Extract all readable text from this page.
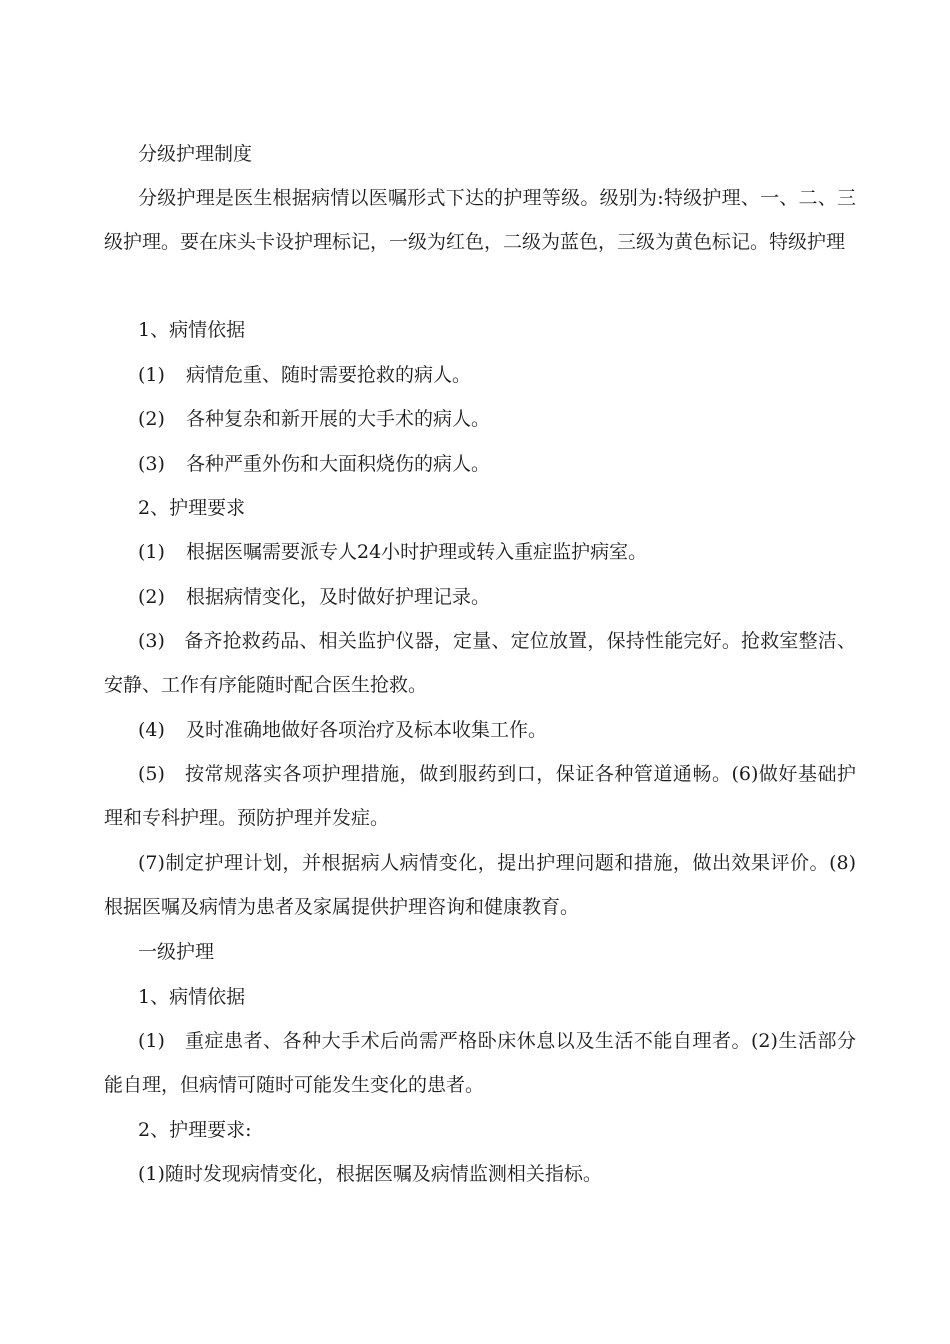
分级护理制度

分级护理是医生根据病情以医嘱形式下达的护理等级。级别为:特级护理、一、二、三级护理。要在床头卡设护理标记，一级为红色，二级为蓝色，三级为黄色标记。特级护理

1、病情依据

(1) 病情危重、随时需要抢救的病人。

(2) 各种复杂和新开展的大手术的病人。

(3) 各种严重外伤和大面积烧伤的病人。

2、护理要求

(1) 根据医嘱需要派专人24小时护理或转入重症监护病室。

(2) 根据病情变化，及时做好护理记录。

(3)　备齐抢救药品、相关监护仪器，定量、定位放置，保持性能完好。抢救室整洁、安静、工作有序能随时配合医生抢救。

(4) 及时准确地做好各项治疗及标本收集工作。

(5)　按常规落实各项护理措施，做到服药到口，保证各种管道通畅。(6)做好基础护理和专科护理。预防护理并发症。

(7)制定护理计划，并根据病人病情变化，提出护理问题和措施，做出效果评价。(8)根据医嘱及病情为患者及家属提供护理咨询和健康教育。

一级护理

1、病情依据

(1)　重症患者、各种大手术后尚需严格卧床休息以及生活不能自理者。(2)生活部分能自理，但病情可随时可能发生变化的患者。

2、护理要求:

(1)随时发现病情变化，根据医嘱及病情监测相关指标。
